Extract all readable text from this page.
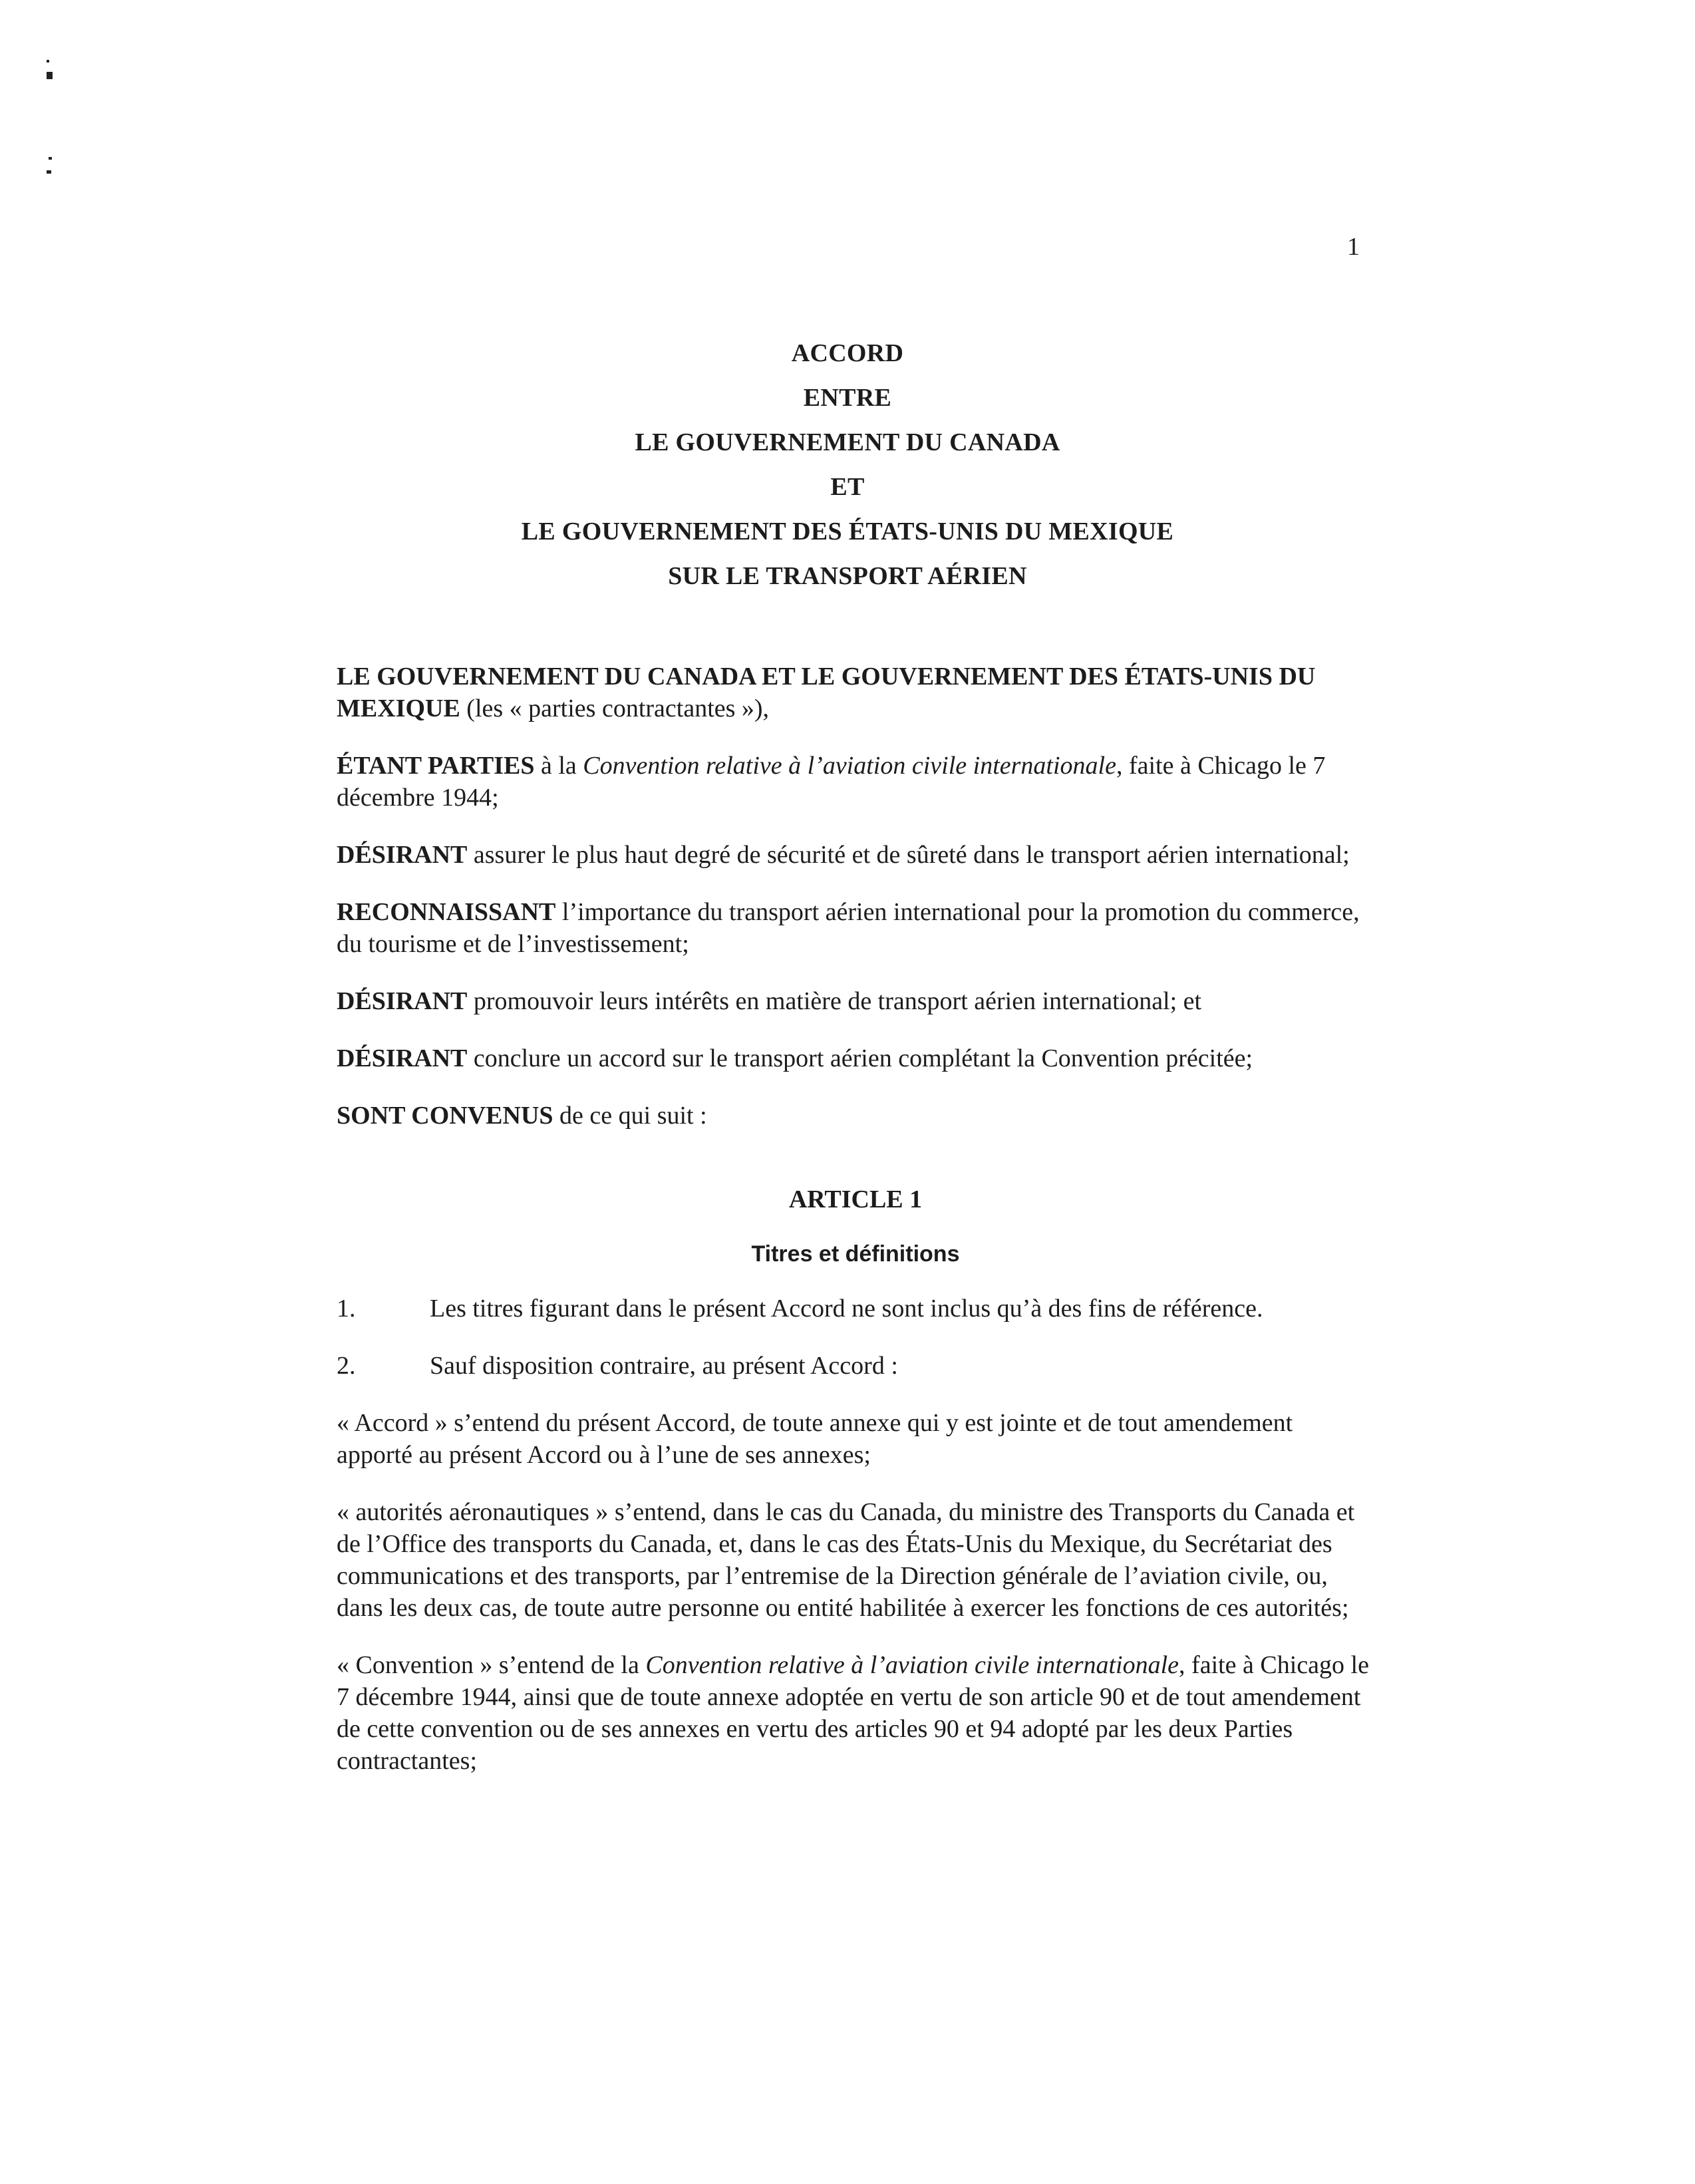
1
ACCORD
ENTRE
LE GOUVERNEMENT DU CANADA
ET
LE GOUVERNEMENT DES ÉTATS-UNIS DU MEXIQUE
SUR LE TRANSPORT AÉRIEN

LE GOUVERNEMENT DU CANADA ET LE GOUVERNEMENT DES ÉTATS-UNIS DU MEXIQUE (les « parties contractantes »),

ÉTANT PARTIES à la Convention relative à l’aviation civile internationale, faite à Chicago le 7 décembre 1944;

DÉSIRANT assurer le plus haut degré de sécurité et de sûreté dans le transport aérien international;

RECONNAISSANT l’importance du transport aérien international pour la promotion du commerce, du tourisme et de l’investissement;

DÉSIRANT promouvoir leurs intérêts en matière de transport aérien international; et

DÉSIRANT conclure un accord sur le transport aérien complétant la Convention précitée;

SONT CONVENUS de ce qui suit :

ARTICLE 1

Titres et définitions

1.	Les titres figurant dans le présent Accord ne sont inclus qu’à des fins de référence.
2.	Sauf disposition contraire, au présent Accord :

« Accord » s’entend du présent Accord, de toute annexe qui y est jointe et de tout amendement apporté au présent Accord ou à l’une de ses annexes;

« autorités aéronautiques » s’entend, dans le cas du Canada, du ministre des Transports du Canada et de l’Office des transports du Canada, et, dans le cas des États-Unis du Mexique, du Secrétariat des communications et des transports, par l’entremise de la Direction générale de l’aviation civile, ou, dans les deux cas, de toute autre personne ou entité habilitée à exercer les fonctions de ces autorités;

« Convention » s’entend de la Convention relative à l’aviation civile internationale, faite à Chicago le 7 décembre 1944, ainsi que de toute annexe adoptée en vertu de son article 90 et de tout amendement de cette convention ou de ses annexes en vertu des articles 90 et 94 adopté par les deux Parties contractantes;
